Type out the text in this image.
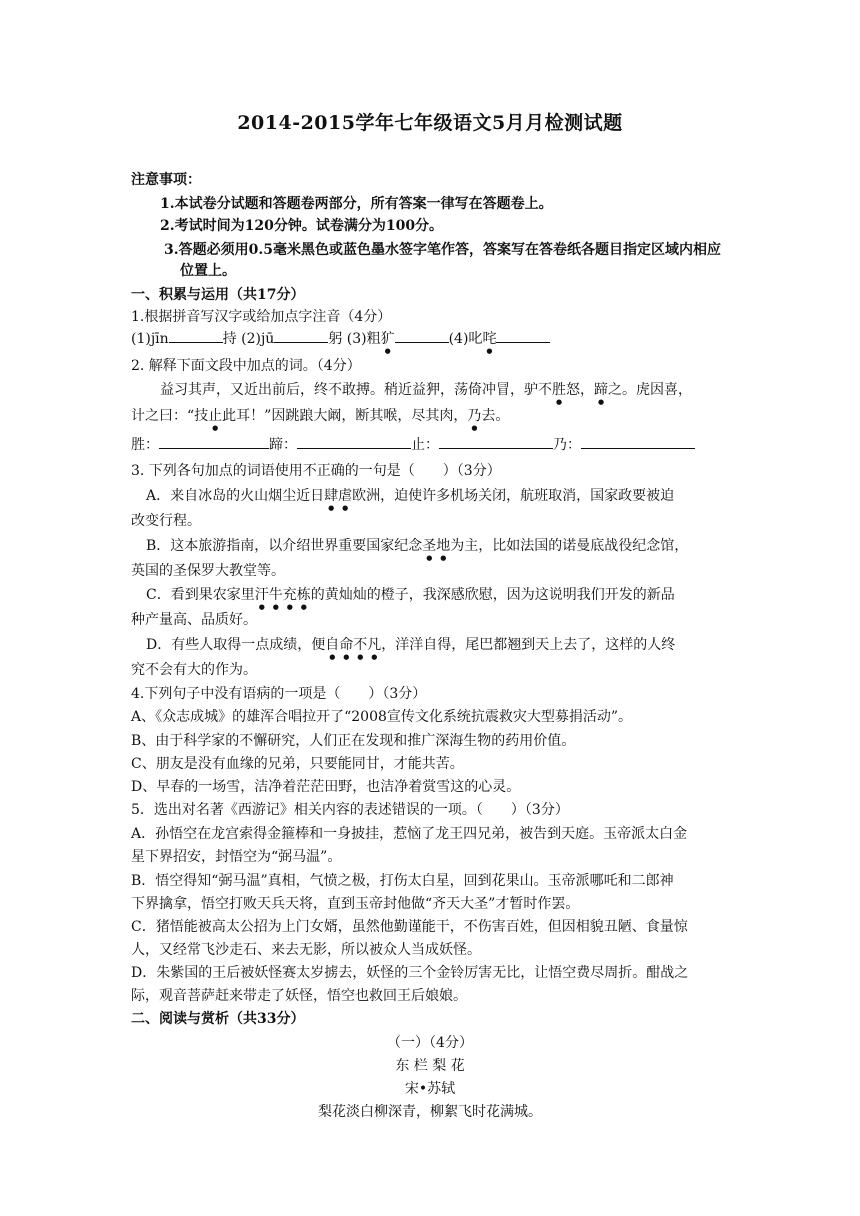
2014-2015学年七年级语文5月月检测试题
注意事项：
1.本试卷分试题和答题卷两部分，所有答案一律写在答题卷上。
2.考试时间为120分钟。试卷满分为100分。
3.答题必须用0.5毫米黑色或蓝色墨水签字笔作答，答案写在答卷纸各题目指定区域内相应
位置上。
一、积累与运用（共17分）
1.根据拼音写汉字或给加点字注音（4分）
(1)jīn	持 (2)jū	躬 (3)粗犷	(4)叱咤
2. 解释下面文段中加点的词。（4分）
益习其声，又近出前后，终不敢搏。稍近益狎，荡倚冲冒，驴不胜怒，蹄之。虎因喜，
计之曰：“技止此耳！”因跳踉大阚，断其喉，尽其肉，乃去。
胜：	蹄：	止：	乃：
3. 下列各句加点的词语使用不正确的一句是（　　）（3分）
A．来自冰岛的火山烟尘近日肆虐欧洲，迫使许多机场关闭，航班取消，国家政要被迫
改变行程。
B．这本旅游指南，以介绍世界重要国家纪念圣地为主，比如法国的诺曼底战役纪念馆，
英国的圣保罗大教堂等。
C．看到果农家里汗牛充栋的黄灿灿的橙子，我深感欣慰，因为这说明我们开发的新品
种产量高、品质好。
D．有些人取得一点成绩，便自命不凡，洋洋自得，尾巴都翘到天上去了，这样的人终
究不会有大的作为。
4.下列句子中没有语病的一项是（　　）（3分）
A、《众志成城》的雄浑合唱拉开了“2008宣传文化系统抗震救灾大型募捐活动”。
B、由于科学家的不懈研究，人们正在发现和推广深海生物的药用价值。
C、朋友是没有血缘的兄弟，只要能同甘，才能共苦。
D、早春的一场雪，洁净着茫茫田野，也洁净着赏雪这的心灵。
5．选出对名著《西游记》相关内容的表述错误的一项。（　　）（3分）
A．孙悟空在龙宫索得金箍棒和一身披挂，惹恼了龙王四兄弟，被告到天庭。玉帝派太白金
星下界招安，封悟空为“弼马温”。
B．悟空得知“弼马温”真相，气愤之极，打伤太白星，回到花果山。玉帝派哪吒和二郎神
下界擒拿，悟空打败天兵天将，直到玉帝封他做“齐天大圣”才暂时作罢。
C．猪悟能被高太公招为上门女婿，虽然他勤谨能干，不伤害百姓，但因相貌丑陋、食量惊
人，又经常飞沙走石、来去无影，所以被众人当成妖怪。
D．朱紫国的王后被妖怪赛太岁掳去，妖怪的三个金铃厉害无比，让悟空费尽周折。酣战之
际，观音菩萨赶来带走了妖怪，悟空也救回王后娘娘。
二、阅读与赏析（共33分）
（一）（4分）
东 栏 梨 花
宋•苏轼
梨花淡白柳深青，柳絮飞时花满城。
